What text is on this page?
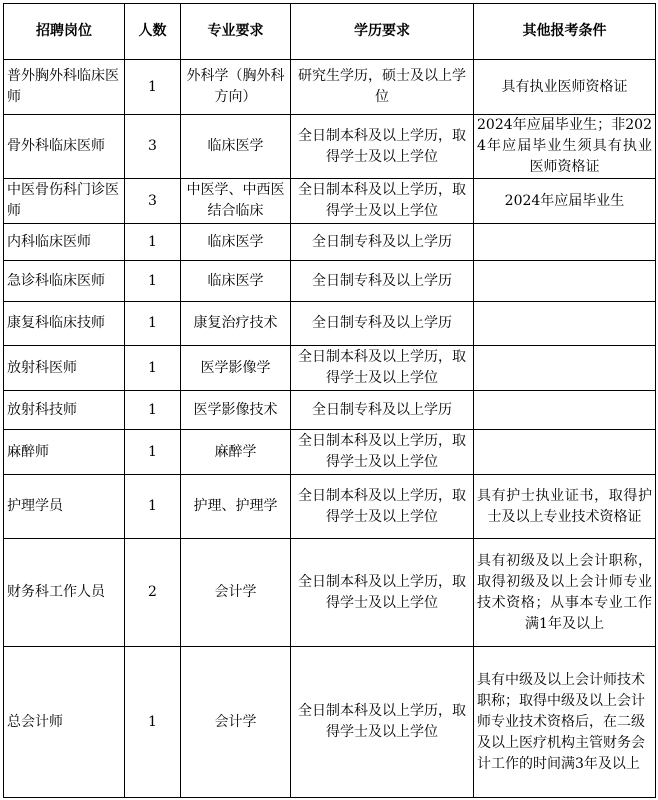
招聘岗位	人数	专业要求	学历要求	其他报考条件
普外胸外科临床医师	1	外科学（胸外科方向）	研究生学历，硕士及以上学位	具有执业医师资格证
骨外科临床医师	3	临床医学	全日制本科及以上学历，取得学士及以上学位	2024年应届毕业生；非2024年应届毕业生须具有执业医师资格证
中医骨伤科门诊医师	3	中医学、中西医结合临床	全日制本科及以上学历，取得学士及以上学位	2024年应届毕业生
内科临床医师	1	临床医学	全日制专科及以上学历	
急诊科临床医师	1	临床医学	全日制专科及以上学历	
康复科临床技师	1	康复治疗技术	全日制专科及以上学历	
放射科医师	1	医学影像学	全日制本科及以上学历，取得学士及以上学位	
放射科技师	1	医学影像技术	全日制专科及以上学历	
麻醉师	1	麻醉学	全日制本科及以上学历，取得学士及以上学位	
护理学员	1	护理、护理学	全日制本科及以上学历，取得学士及以上学位	具有护士执业证书，取得护士及以上专业技术资格证
财务科工作人员	2	会计学	全日制本科及以上学历，取得学士及以上学位	具有初级及以上会计职称，取得初级及以上会计师专业技术资格；从事本专业工作满1年及以上
总会计师	1	会计学	全日制本科及以上学历，取得学士及以上学位	具有中级及以上会计师技术职称；取得中级及以上会计师专业技术资格后，在二级及以上医疗机构主管财务会计工作的时间满3年及以上
